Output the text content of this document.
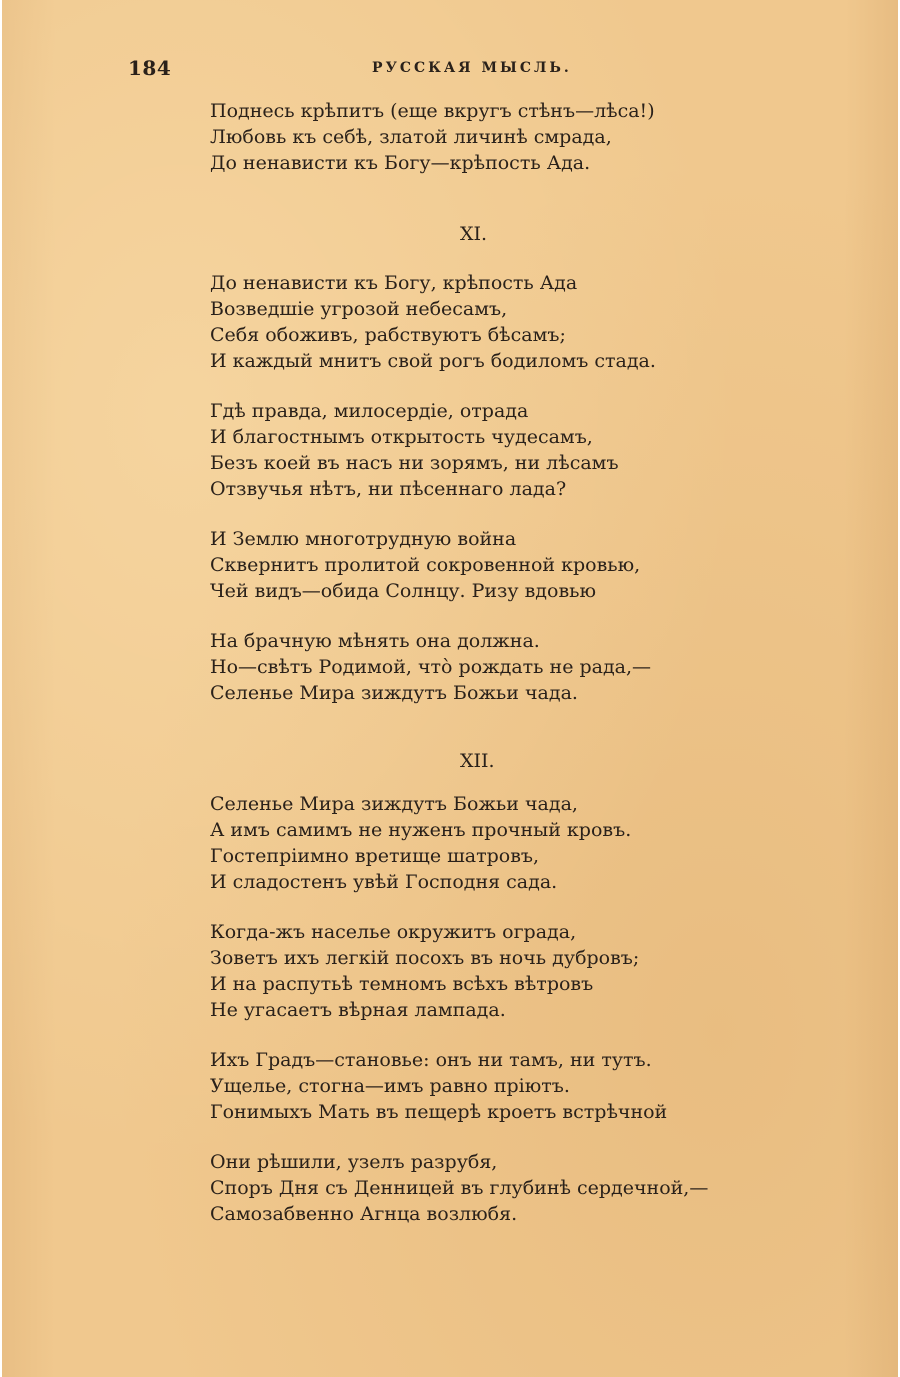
184	РУССКАЯ МЫСЛЬ.
Поднесь крѣпитъ (еще вкругъ стѣнъ—лѣса!)
Любовь къ себѣ, златой личинѣ смрада,
До ненависти къ Богу—крѣпость Ада.
XI.
До ненависти къ Богу, крѣпость Ада
Возведшіе угрозой небесамъ,
Себя обоживъ, рабствуютъ бѣсамъ;
И каждый мнитъ свой рогъ бодиломъ стада.
Гдѣ правда, милосердіе, отрада
И благостнымъ открытость чудесамъ,
Безъ коей въ насъ ни зорямъ, ни лѣсамъ
Отзвучья нѣтъ, ни пѣсеннаго лада?
И Землю многотрудную война
Сквернитъ пролитой сокровенной кровью,
Чей видъ—обида Солнцу. Ризу вдовью
На брачную мѣнять она должна.
Но—свѣтъ Родимой, что̀ рождать не рада,—
Селенье Мира зиждутъ Божьи чада.
XII.
Селенье Мира зиждутъ Божьи чада,
А имъ самимъ не нуженъ прочный кровъ.
Гостепріимно вретище шатровъ,
И сладостенъ увѣй Господня сада.
Когда-жъ населье окружитъ ограда,
Зоветъ ихъ легкій посохъ въ ночь дубровъ;
И на распутьѣ темномъ всѣхъ вѣтровъ
Не угасаетъ вѣрная лампада.
Ихъ Градъ—становье: онъ ни тамъ, ни тутъ.
Ущелье, стогна—имъ равно пріютъ.
Гонимыхъ Мать въ пещерѣ кроетъ встрѣчной
Они рѣшили, узелъ разрубя,
Споръ Дня съ Денницей въ глубинѣ сердечной,—
Самозабвенно Агнца возлюбя.
